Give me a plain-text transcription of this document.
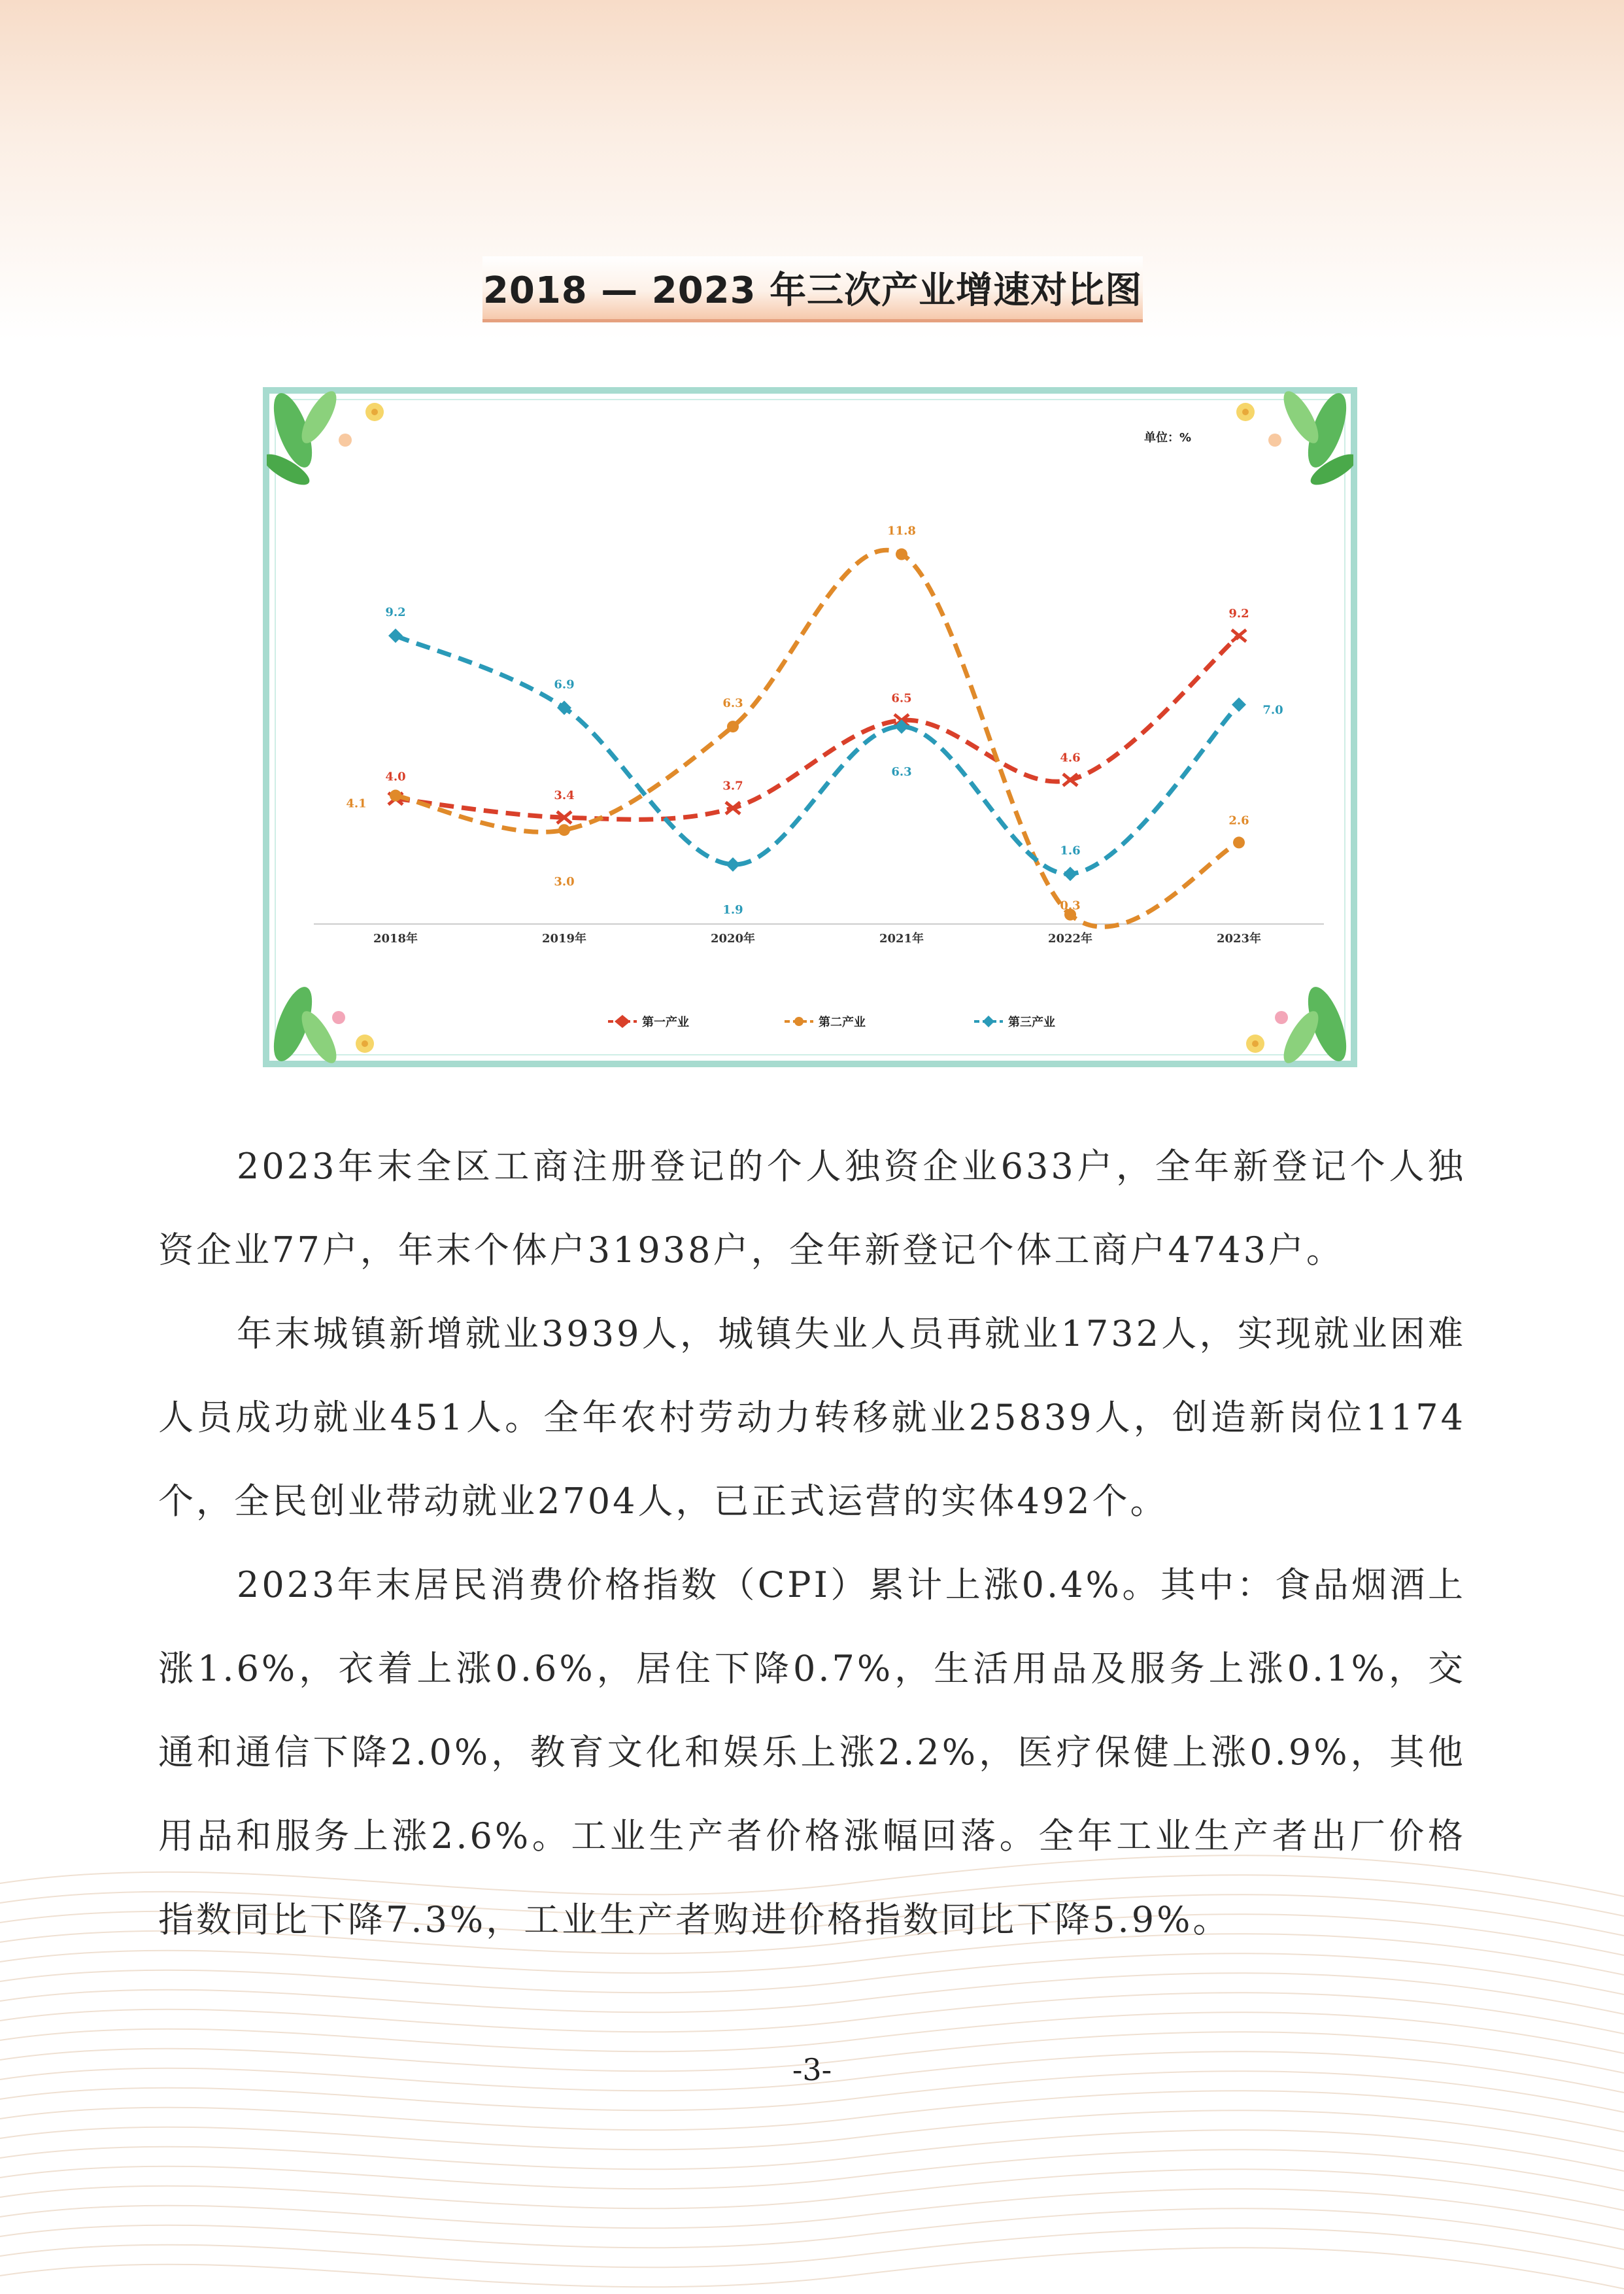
2018 — 2023 年三次产业增速对比图
单位：%
2018年	2019年	2020年	2021年	2022年	2023年
4.0
3.4
3.7
6.5
4.6
9.2
4.1
3.0
6.3
11.8
0.3
2.6
9.2
6.9
1.9
6.3
1.6
7.0
第一产业	第二产业	第三产业

2023年末全区工商注册登记的个人独资企业633户，全年新登记个人独资企业77户，年末个体户31938户，全年新登记个体工商户4743户。

年末城镇新增就业3939人，城镇失业人员再就业1732人，实现就业困难人员成功就业451人。全年农村劳动力转移就业25839人，创造新岗位1174个，全民创业带动就业2704人，已正式运营的实体492个。

2023年末居民消费价格指数（CPI）累计上涨0.4%。其中：食品烟酒上涨1.6%，衣着上涨0.6%，居住下降0.7%，生活用品及服务上涨0.1%，交通和通信下降2.0%，教育文化和娱乐上涨2.2%，医疗保健上涨0.9%，其他用品和服务上涨2.6%。工业生产者价格涨幅回落。全年工业生产者出厂价格指数同比下降7.3%，工业生产者购进价格指数同比下降5.9%。

-3-
